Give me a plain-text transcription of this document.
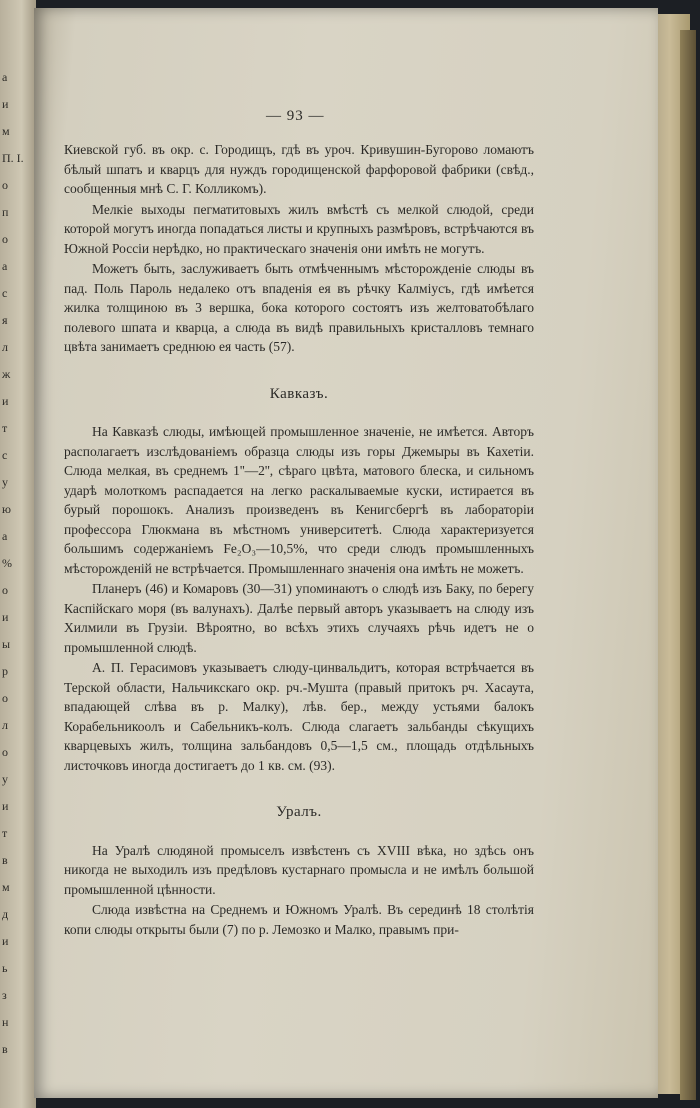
а
и
м
П. І.
о
п
о
а
с
я
л
ж
и
т
с
у
ю
а
%
о
и
ы
р
о
л
о
у
и
т
в
м
д
и
ь
з
н
в
— 93 —

Киевской губ. въ окр. с. Городищъ, гдѣ въ уроч. Кривушин-Бугорово ломаютъ бѣлый шпатъ и кварцъ для нуждъ городищенской фарфоровой фабрики (свѣд., сообщенныя мнѣ С. Г. Колликомъ).

Мелкіе выходы пегматитовыхъ жилъ вмѣстѣ съ мелкой слюдой, среди которой могутъ иногда попадаться листы и крупныхъ размѣровъ, встрѣчаются въ Южной Россіи нерѣдко, но практическаго значенія они имѣть не могутъ.

Можетъ быть, заслуживаетъ быть отмѣченнымъ мѣсторожденіе слюды въ пад. Поль Пароль недалеко отъ впаденія ея въ рѣчку Калміусъ, гдѣ имѣется жилка толщиною въ 3 вершка, бока которого состоятъ изъ желтоватобѣлаго полевого шпата и кварца, а слюда въ видѣ правильныхъ кристалловъ темнаго цвѣта занимаетъ среднюю ея часть (57).

Кавказъ.

На Кавказѣ слюды, имѣющей промышленное значеніе, не имѣется. Авторъ располагаетъ изслѣдованіемъ образца слюды изъ горы Джемыры въ Кахетіи. Слюда мелкая, въ среднемъ 1''—2'', сѣраго цвѣта, матового блеска, и сильномъ ударѣ молоткомъ распадается на легко раскалываемые куски, истирается въ бурый порошокъ. Анализъ произведенъ въ Кенигсбергѣ въ лабораторіи профессора Глюкмана въ мѣстномъ университетѣ. Слюда характеризуется большимъ содержаніемъ Fe₂O₃—10,5%, что среди слюдъ промышленныхъ мѣсторожденій не встрѣчается. Промышленнаго значенія она имѣть не можетъ.

Планеръ (46) и Комаровъ (30—31) упоминаютъ о слюдѣ изъ Баку, по берегу Каспійскаго моря (въ валунахъ). Далѣе первый авторъ указываетъ на слюду изъ Хилмили въ Грузіи. Вѣроятно, во всѣхъ этихъ случаяхъ рѣчь идетъ не о промышленной слюдѣ.

А. П. Герасимовъ указываетъ слюду-цинвальдитъ, которая встрѣчается въ Терской области, Нальчикскаго окр. рч.-Мушта (правый притокъ рч. Хасаута, впадающей слѣва въ р. Малку), лѣв. бер., между устьями балокъ Корабельникоолъ и Сабельникъ-колъ. Слюда слагаетъ зальбанды сѣкущихъ кварцевыхъ жилъ, толщина зальбандовъ 0,5—1,5 см., площадь отдѣльныхъ листочковъ иногда достигаетъ до 1 кв. см. (93).

Уралъ.

На Уралѣ слюдяной промыселъ извѣстенъ съ XVIII вѣка, но здѣсь онъ никогда не выходилъ изъ предѣловъ кустарнаго промысла и не имѣлъ большой промышленной цѣнности.

Слюда извѣстна на Среднемъ и Южномъ Уралѣ. Въ серединѣ 18 столѣтія копи слюды открыты были (7) по р. Лемозко и Малко, правымъ при-
